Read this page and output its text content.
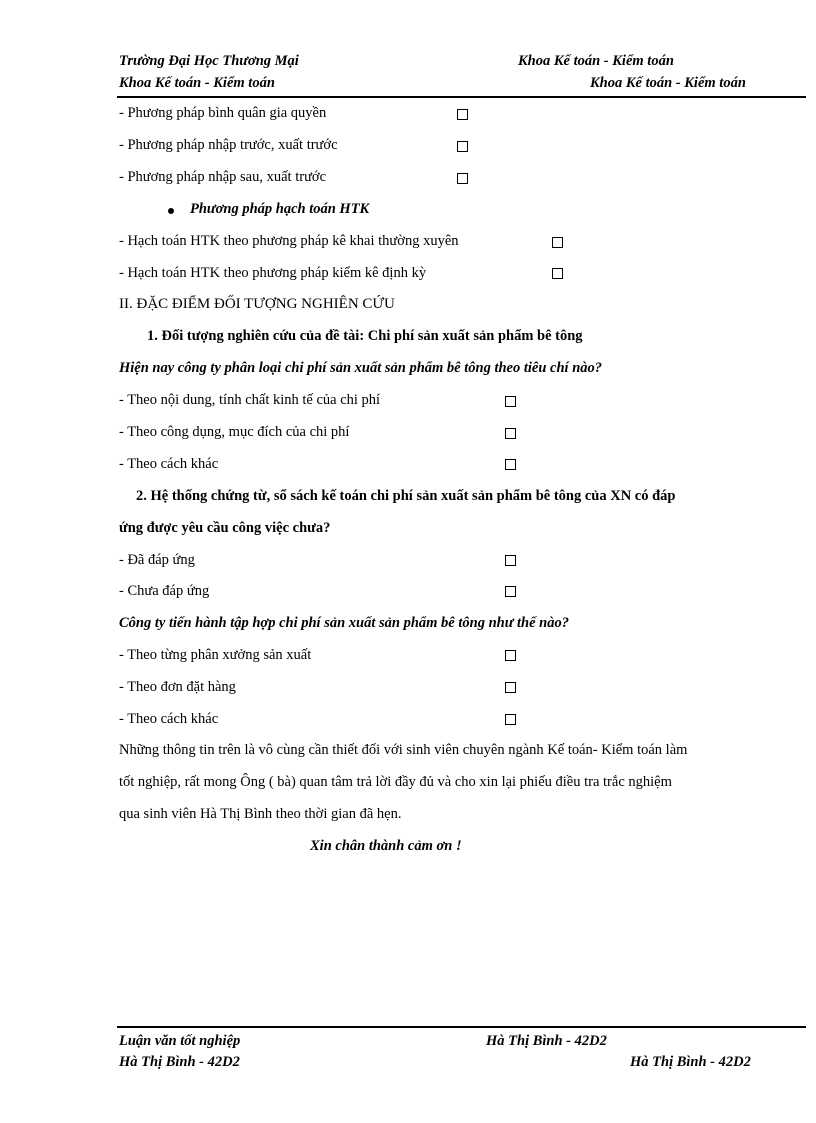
Trường Đại Học Thương Mại	Khoa Kế toán - Kiểm toán
Khoa Kế toán - Kiểm toán	Khoa Kế toán - Kiểm toán
- Phương pháp bình quân gia quyền
- Phương pháp nhập trước, xuất trước
- Phương pháp nhập sau, xuất trước
Phương pháp hạch toán HTK
- Hạch toán HTK theo phương pháp kê khai thường xuyên
- Hạch toán HTK theo phương pháp kiểm kê định kỳ
II. ĐẶC ĐIỂM ĐỐI TƯỢNG NGHIÊN CỨU
1. Đối tượng nghiên cứu của đề tài: Chi phí sản xuất sản phẩm bê tông
Hiện nay công ty phân loại chi phí sản xuất sản phẩm bê tông theo tiêu chí nào?
- Theo nội dung, tính chất kinh tế của chi phí
- Theo công dụng, mục đích của chi phí
- Theo cách khác
2. Hệ thống chứng từ, sổ sách kế toán chi phí sản xuất sản phẩm bê tông của XN có đáp
ứng được yêu cầu công việc chưa?
- Đã đáp ứng
- Chưa đáp ứng
Công ty tiến hành tập hợp chi phí sản xuất sản phẩm bê tông như thế nào?
- Theo từng phân xưởng sản xuất
- Theo đơn đặt hàng
- Theo cách khác
Những thông tin trên là vô cùng cần thiết đối với sinh viên chuyên ngành Kế toán- Kiểm toán làm
tốt nghiệp, rất mong Ông ( bà) quan tâm trả lời đầy đủ và cho xin lại phiếu điều tra trắc nghiệm
qua sinh viên Hà Thị Bình theo thời gian đã hẹn.
Xin chân thành cảm ơn !
Luận văn tốt nghiệp	Hà Thị Bình - 42D2
Hà Thị Bình - 42D2	Hà Thị Bình - 42D2
